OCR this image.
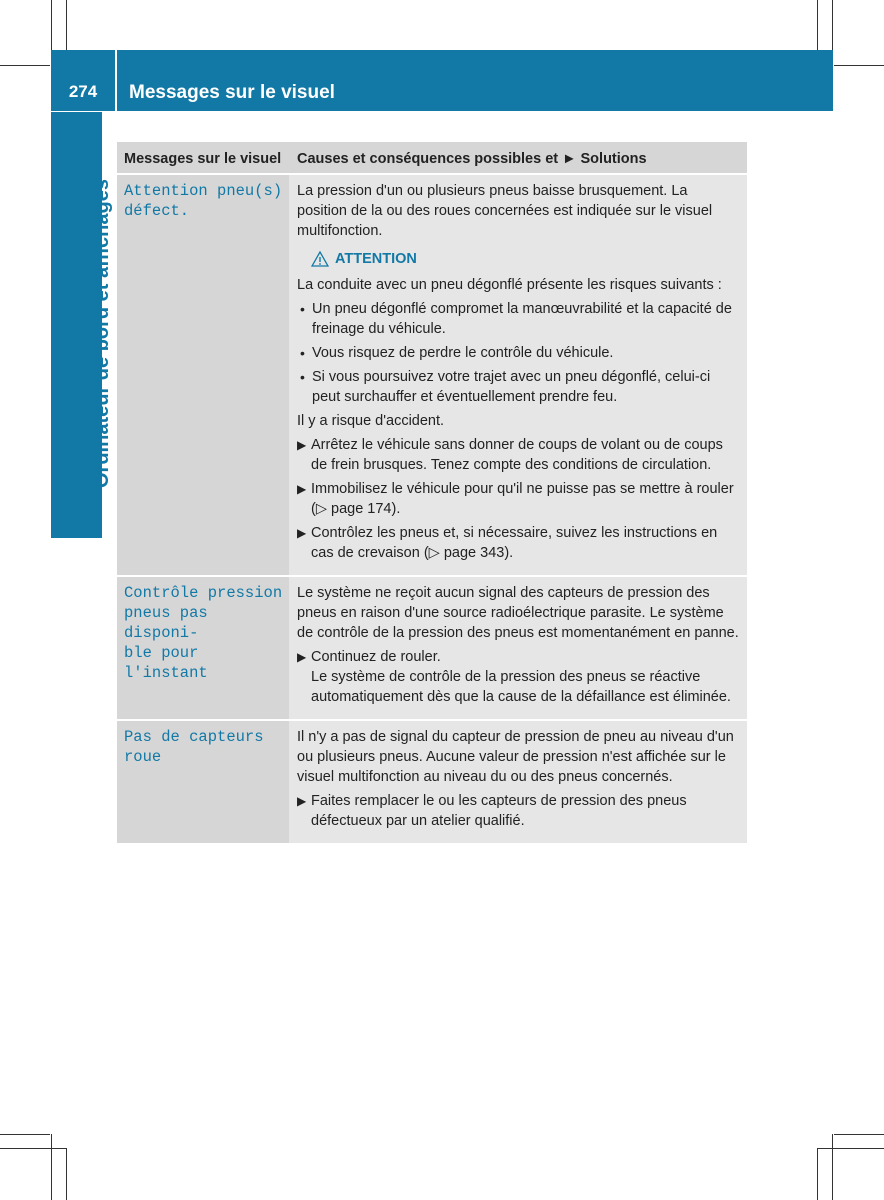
274	Messages sur le visuel
Ordinateur de bord et affichages
Messages sur le visuel	Causes et conséquences possibles et ► Solutions
Attention pneu(s)
défect.
La pression d'un ou plusieurs pneus baisse brusquement. La position de la ou des roues concernées est indiquée sur le visuel multifonction.
ATTENTION
La conduite avec un pneu dégonflé présente les risques suivants :
• Un pneu dégonflé compromet la manœuvrabilité et la capacité de freinage du véhicule.
• Vous risquez de perdre le contrôle du véhicule.
• Si vous poursuivez votre trajet avec un pneu dégonflé, celui-ci peut surchauffer et éventuellement prendre feu.
Il y a risque d'accident.
▶ Arrêtez le véhicule sans donner de coups de volant ou de coups de frein brusques. Tenez compte des conditions de circulation.
▶ Immobilisez le véhicule pour qu'il ne puisse pas se mettre à rouler (▷ page 174).
▶ Contrôlez les pneus et, si nécessaire, suivez les instructions en cas de crevaison (▷ page 343).
Contrôle pression
pneus pas disponi‐
ble pour l'instant
Le système ne reçoit aucun signal des capteurs de pression des pneus en raison d'une source radioélectrique parasite. Le système de contrôle de la pression des pneus est momentanément en panne.
▶ Continuez de rouler.
Le système de contrôle de la pression des pneus se réactive automatiquement dès que la cause de la défaillance est éliminée.
Pas de capteurs
roue
Il n'y a pas de signal du capteur de pression de pneu au niveau d'un ou plusieurs pneus. Aucune valeur de pression n'est affichée sur le visuel multifonction au niveau du ou des pneus concernés.
▶ Faites remplacer le ou les capteurs de pression des pneus défectueux par un atelier qualifié.
